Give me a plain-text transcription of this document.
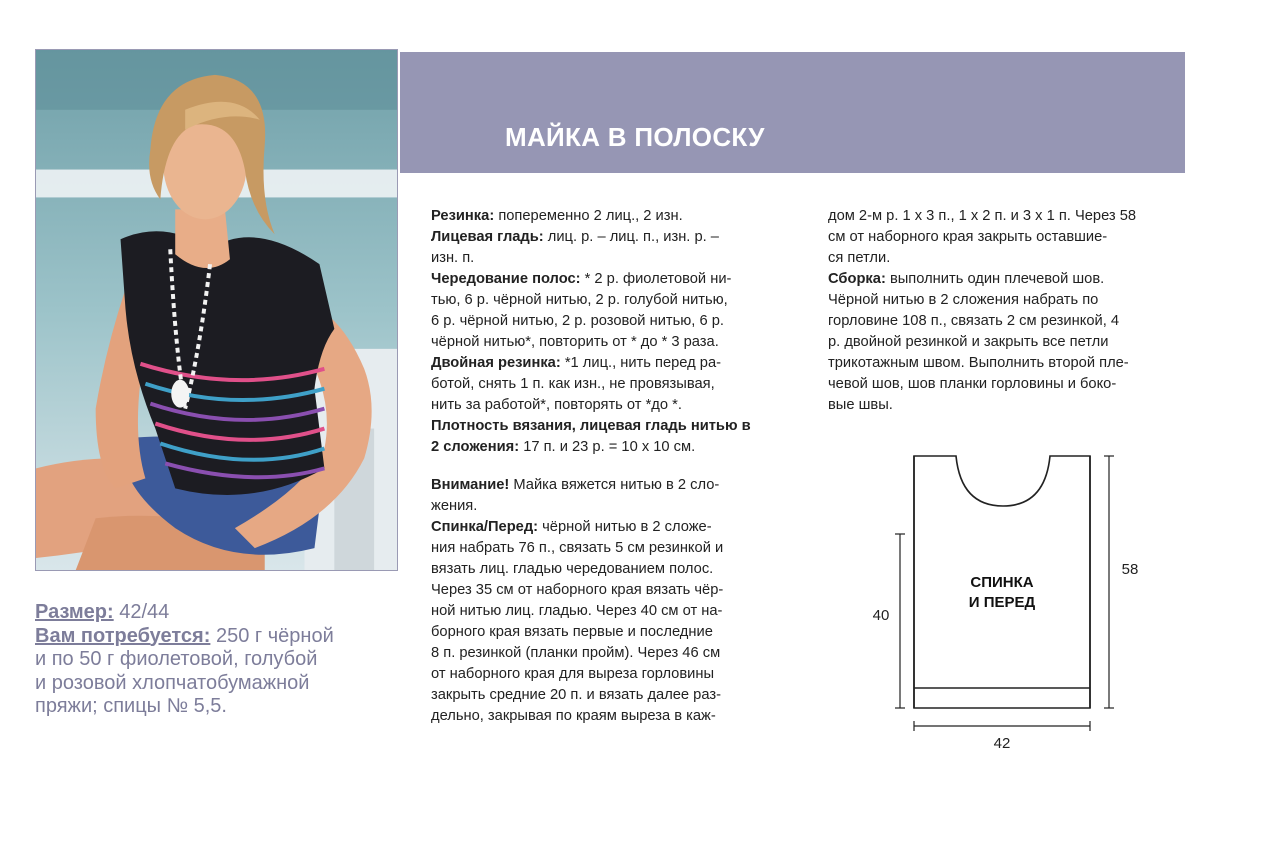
МАЙКА В ПОЛОСКУ
Размер: 42/44
Вам потребуется: 250 г чёрной
и по 50 г фиолетовой, голубой
и розовой хлопчатобумажной
пряжи; спицы № 5,5.

Резинка: попеременно 2 лиц., 2 изн.

Лицевая гладь: лиц. р. – лиц. п., изн. р. –
изн. п.

Чередование полос: * 2 р. фиолетовой ни-
тью, 6 р. чёрной нитью, 2 р. голубой нитью,
6 р. чёрной нитью, 2 р. розовой нитью, 6 р.
чёрной нитью*, повторить от * до * 3 раза.

Двойная резинка: *1 лиц., нить перед ра-
ботой, снять 1 п. как изн., не провязывая,
нить за работой*, повторять от *до *.

Плотность вязания, лицевая гладь нитью в
2 сложения: 17 п. и 23 р. = 10 х 10 см.

Внимание! Майка вяжется нитью в 2 сло-
жения.

Спинка/Перед: чёрной нитью в 2 сложе-
ния набрать 76 п., связать 5 см резинкой и
вязать лиц. гладью чередованием полос.
Через 35 см от наборного края вязать чёр-
ной нитью лиц. гладью. Через 40 см от на-
борного края вязать первые и последние
8 п. резинкой (планки пройм). Через 46 см
от наборного края для выреза горловины
закрыть средние 20 п. и вязать далее раз-
дельно, закрывая по краям выреза в каж-

дом 2-м р. 1 х 3 п., 1 х 2 п. и 3 х 1 п. Через 58
см от наборного края закрыть оставшие-
ся петли.

Сборка: выполнить один плечевой шов.
Чёрной нитью в 2 сложения набрать по
горловине 108 п., связать 2 см резинкой, 4
р. двойной резинкой и закрыть все петли
трикотажным швом. Выполнить второй пле-
чевой шов, шов планки горловины и боко-
вые швы.

СПИНКА
И ПЕРЕД
40
58
42
